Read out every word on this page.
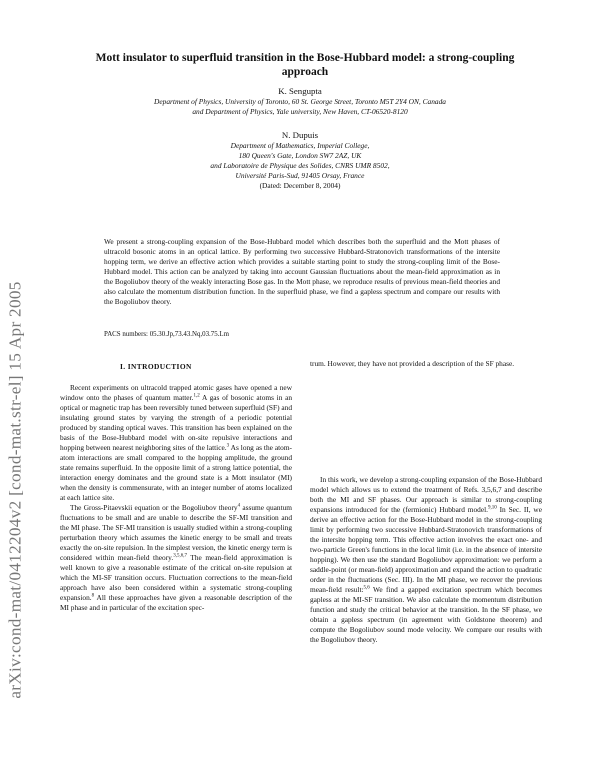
arXiv:cond-mat/0412204v2 [cond-mat.str-el] 15 Apr 2005
Mott insulator to superfluid transition in the Bose-Hubbard model: a strong-coupling approach
K. Sengupta
Department of Physics, University of Toronto, 60 St. George Street, Toronto M5T 2Y4 ON, Canada
and Department of Physics, Yale university, New Haven, CT-06520-8120
N. Dupuis
Department of Mathematics, Imperial College,
180 Queen's Gate, London SW7 2AZ, UK
and Laboratoire de Physique des Solides, CNRS UMR 8502,
Université Paris-Sud, 91405 Orsay, France
(Dated: December 8, 2004)
We present a strong-coupling expansion of the Bose-Hubbard model which describes both the superfluid and the Mott phases of ultracold bosonic atoms in an optical lattice. By performing two successive Hubbard-Stratonovich transformations of the intersite hopping term, we derive an effective action which provides a suitable starting point to study the strong-coupling limit of the Bose-Hubbard model. This action can be analyzed by taking into account Gaussian fluctuations about the mean-field approximation as in the Bogoliubov theory of the weakly interacting Bose gas. In the Mott phase, we reproduce results of previous mean-field theories and also calculate the momentum distribution function. In the superfluid phase, we find a gapless spectrum and compare our results with the Bogoliubov theory.
PACS numbers: 05.30.Jp,73.43.Nq,03.75.Lm
I. INTRODUCTION

Recent experiments on ultracold trapped atomic gases have opened a new window onto the phases of quantum matter.$^{1,2}$ A gas of bosonic atoms in an optical or magnetic trap has been reversibly tuned between superfluid (SF) and insulating ground states by varying the strength of a periodic potential produced by standing optical waves. This transition has been explained on the basis of the Bose-Hubbard model with on-site repulsive interactions and hopping between nearest neighboring sites of the lattice.$^3$ As long as the atom-atom interactions are small compared to the hopping amplitude, the ground state remains superfluid. In the opposite limit of a strong lattice potential, the interaction energy dominates and the ground state is a Mott insulator (MI) when the density is commensurate, with an integer number of atoms localized at each lattice site.

The Gross-Pitaevskii equation or the Bogoliubov theory$^4$ assume quantum fluctuations to be small and are unable to describe the SF-MI transition and the MI phase. The SF-MI transition is usually studied within a strong-coupling perturbation theory which assumes the kinetic energy to be small and treats exactly the on-site repulsion. In the simplest version, the kinetic energy term is considered within mean-field theory.$^{3,5,6,7}$ The mean-field approximation is well known to give a reasonable estimate of the critical on-site repulsion at which the MI-SF transition occurs. Fluctuation corrections to the mean-field approach have also been considered within a systematic strong-coupling expansion.$^8$ All these approaches have given a reasonable description of the MI phase and in particular of the excitation spec-

trum. However, they have not provided a description of the SF phase.

In this work, we develop a strong-coupling expansion of the Bose-Hubbard model which allows us to extend the treatment of Refs. 3,5,6,7 and describe both the MI and SF phases. Our approach is similar to strong-coupling expansions introduced for the (fermionic) Hubbard model.$^{9,10}$ In Sec. II, we derive an effective action for the Bose-Hubbard model in the strong-coupling limit by performing two successive Hubbard-Stratonovich transformations of the intersite hopping term. This effective action involves the exact one- and two-particle Green's functions in the local limit (i.e. in the absence of intersite hopping). We then use the standard Bogoliubov approximation: we perform a saddle-point (or mean-field) approximation and expand the action to quadratic order in the fluctuations (Sec. III). In the MI phase, we recover the previous mean-field result:$^{5,6}$ We find a gapped excitation spectrum which becomes gapless at the MI-SF transition. We also calculate the momentum distribution function and study the critical behavior at the transition. In the SF phase, we obtain a gapless spectrum (in agreement with Goldstone theorem) and compute the Bogoliubov sound mode velocity. We compare our results with the Bogoliubov theory.
